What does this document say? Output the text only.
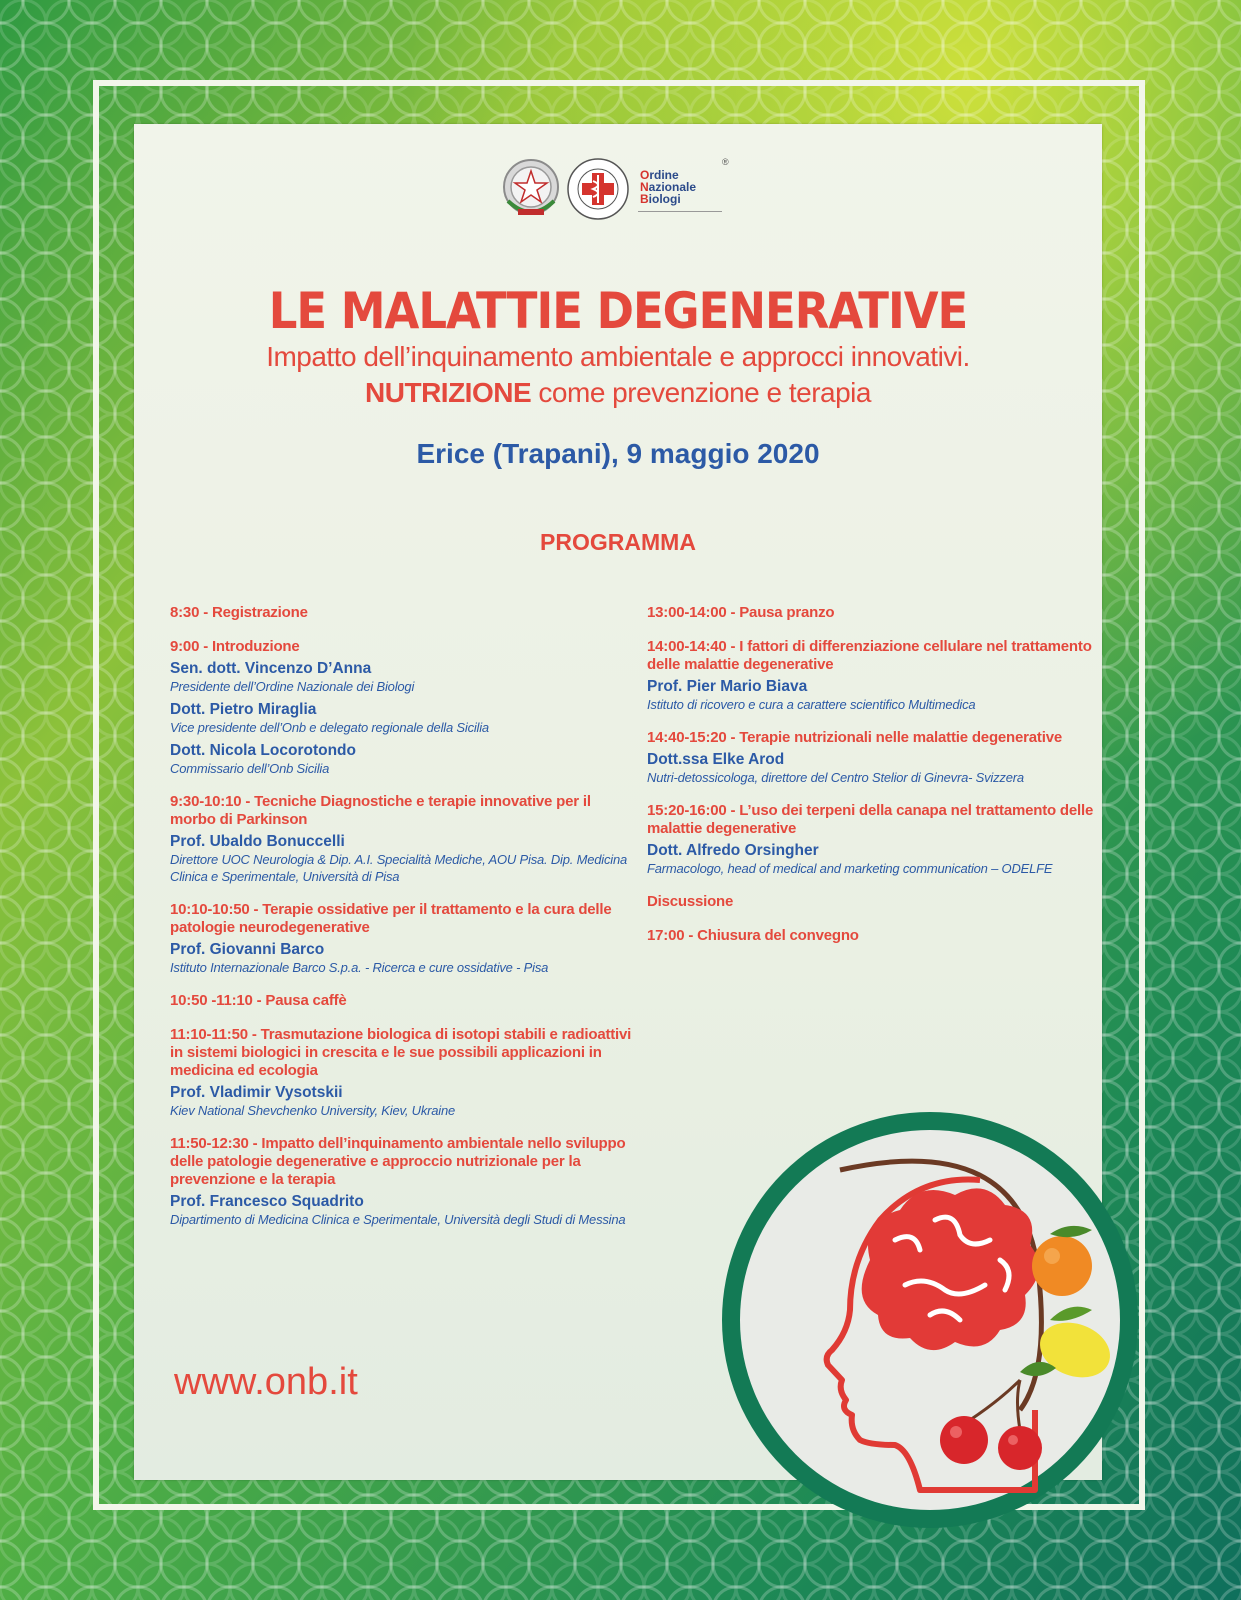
Ordine
Nazionale
Biologi
®
LE MALATTIE DEGENERATIVE
Impatto dell’inquinamento ambientale e approcci innovativi.
NUTRIZIONE come prevenzione e terapia
Erice (Trapani), 9 maggio 2020
PROGRAMMA
8:30 - Registrazione
9:00 - Introduzione
Sen. dott. Vincenzo D’Anna
Presidente dell’Ordine Nazionale dei Biologi
Dott. Pietro Miraglia
Vice presidente dell’Onb e delegato regionale della Sicilia
Dott. Nicola Locorotondo
Commissario dell’Onb Sicilia
9:30-10:10 - Tecniche Diagnostiche e terapie innovative per il morbo di Parkinson
Prof. Ubaldo Bonuccelli
Direttore UOC Neurologia & Dip. A.I. Specialità Mediche, AOU Pisa. Dip. Medicina Clinica e Sperimentale, Università di Pisa
10:10-10:50 - Terapie ossidative per il trattamento e la cura delle patologie neurodegenerative
Prof. Giovanni Barco
Istituto Internazionale Barco S.p.a. - Ricerca e cure ossidative - Pisa
10:50 -11:10 - Pausa caffè
11:10-11:50 - Trasmutazione biologica di isotopi stabili e radioattivi in sistemi biologici in crescita e le sue possibili applicazioni in medicina ed ecologia
Prof. Vladimir Vysotskii
Kiev National Shevchenko University, Kiev, Ukraine
11:50-12:30 - Impatto dell’inquinamento ambientale nello sviluppo delle patologie degenerative e approccio nutrizionale per la prevenzione e la terapia
Prof. Francesco Squadrito
Dipartimento di Medicina Clinica e Sperimentale, Università degli Studi di Messina
13:00-14:00 - Pausa pranzo
14:00-14:40 - I fattori di differenziazione cellulare nel trattamento delle malattie degenerative
Prof. Pier Mario Biava
Istituto di ricovero e cura a carattere scientifico Multimedica
14:40-15:20 - Terapie nutrizionali nelle malattie degenerative
Dott.ssa Elke Arod
Nutri-detossicologa, direttore del Centro Stelior di Ginevra- Svizzera
15:20-16:00 - L’uso dei terpeni della canapa nel trattamento delle malattie degenerative
Dott. Alfredo Orsingher
Farmacologo, head of medical and marketing communication – ODELFE
Discussione
17:00 - Chiusura del convegno
www.onb.it
